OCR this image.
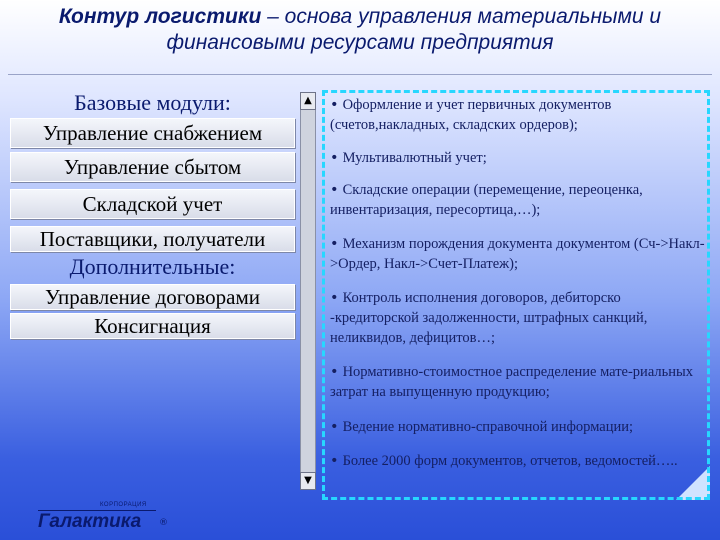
Контур логистики – основа управления материальными и
финансовыми ресурсами предприятия
Базовые модули:
Управление снабжением
Управление сбытом
Складской учет
Поставщики, получатели
Дополнительные:
Управление договорами
Консигнация
▲
▼
• Оформление и учет первичных документов (счетов,накладных, складских ордеров);
• Мультивалютный учет;
• Складские операции (перемещение, переоценка, инвентаризация, пересортица,…);
• Механизм порождения документа документом (Сч->Накл->Ордер, Накл->Счет-Платеж);
• Контроль исполнения договоров, дебиторско -кредиторской задолженности, штрафных санкций, неликвидов, дефицитов…;
• Нормативно-стоимостное распределение мате-риальных затрат на выпущенную продукцию;
• Ведение нормативно-справочной информации;
• Более 2000 форм документов, отчетов, ведомостей…..
КОРПОРАЦИЯ
Галактика ®
